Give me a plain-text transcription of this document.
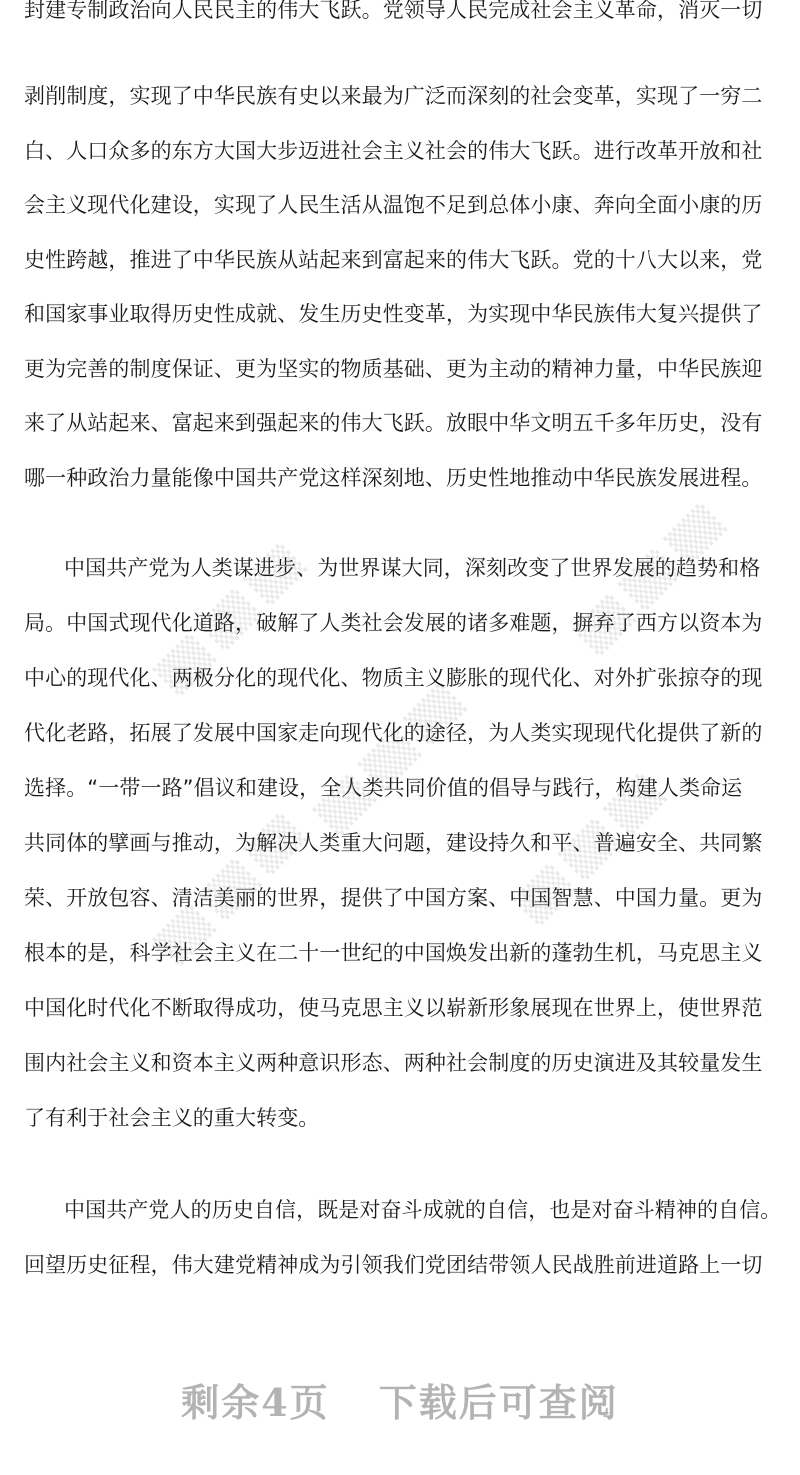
▒▒ ▒▒ ▒▒	▒▒ ▒▒ ▒▒
▒▒ ▒▒ ▒▒
▒▒ ▒▒ ▒▒	▒▒ ▒▒ ▒▒
封建专制政治向人民民主的伟大飞跃。党领导人民完成社会主义革命，消灭一切
剥削制度，实现了中华民族有史以来最为广泛而深刻的社会变革，实现了一穷二
白、人口众多的东方大国大步迈进社会主义社会的伟大飞跃。进行改革开放和社
会主义现代化建设，实现了人民生活从温饱不足到总体小康、奔向全面小康的历
史性跨越，推进了中华民族从站起来到富起来的伟大飞跃。党的十八大以来，党
和国家事业取得历史性成就、发生历史性变革，为实现中华民族伟大复兴提供了
更为完善的制度保证、更为坚实的物质基础、更为主动的精神力量，中华民族迎
来了从站起来、富起来到强起来的伟大飞跃。放眼中华文明五千多年历史，没有
哪一种政治力量能像中国共产党这样深刻地、历史性地推动中华民族发展进程。
中国共产党为人类谋进步、为世界谋大同，深刻改变了世界发展的趋势和格
局。中国式现代化道路，破解了人类社会发展的诸多难题，摒弃了西方以资本为
中心的现代化、两极分化的现代化、物质主义膨胀的现代化、对外扩张掠夺的现
代化老路，拓展了发展中国家走向现代化的途径，为人类实现现代化提供了新的
选择。“一带一路”倡议和建设，全人类共同价值的倡导与践行，构建人类命运
共同体的擘画与推动，为解决人类重大问题，建设持久和平、普遍安全、共同繁
荣、开放包容、清洁美丽的世界，提供了中国方案、中国智慧、中国力量。更为
根本的是，科学社会主义在二十一世纪的中国焕发出新的蓬勃生机，马克思主义
中国化时代化不断取得成功，使马克思主义以崭新形象展现在世界上，使世界范
围内社会主义和资本主义两种意识形态、两种社会制度的历史演进及其较量发生
了有利于社会主义的重大转变。
中国共产党人的历史自信，既是对奋斗成就的自信，也是对奋斗精神的自信。
回望历史征程，伟大建党精神成为引领我们党团结带领人民战胜前进道路上一切
剩余4页 下载后可查阅
